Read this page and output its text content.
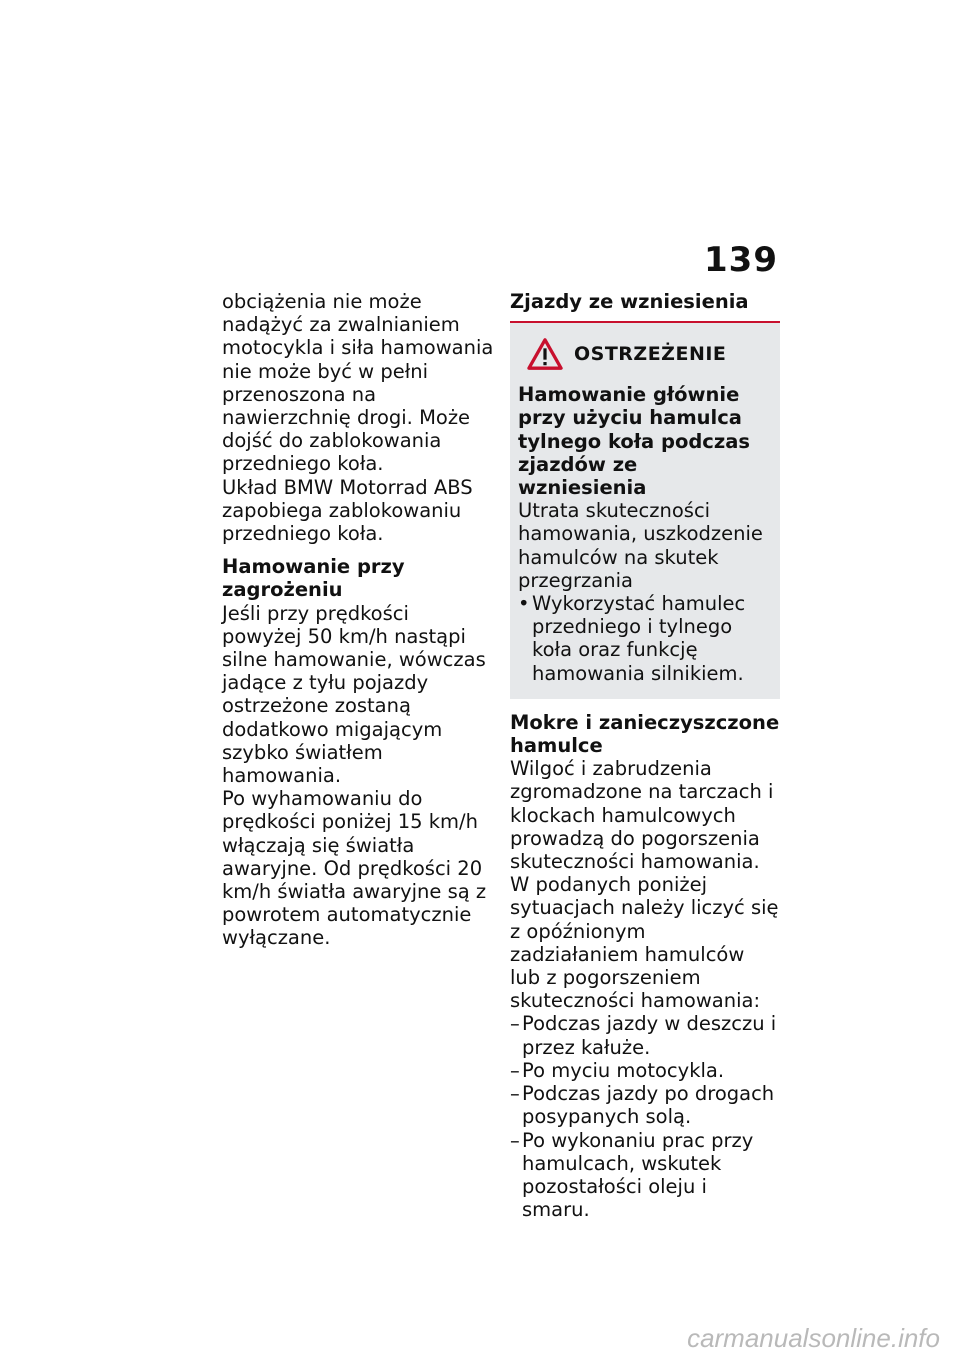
139

obciążenia nie może nadążyć za zwalnianiem motocykla i siła hamowania nie może być w pełni przenoszona na nawierzchnię drogi. Może dojść do zablokowania przedniego koła.

Układ BMW Motorrad ABS zapobiega zablokowaniu przedniego koła.

Hamowanie przy zagrożeniu

Jeśli przy prędkości powyżej 50 km/h nastąpi silne hamowanie, wówczas jadące z tyłu pojazdy ostrzeżone zostaną dodatkowo migającym szybko światłem hamowania.

Po wyhamowaniu do prędkości poniżej 15 km/h włączają się światła awaryjne. Od prędkości 20 km/h światła awaryjne są z powrotem automatycznie wyłączane.

Zjazdy ze wzniesienia

OSTRZEŻENIE

Hamowanie głównie przy użyciu hamulca tylnego koła podczas zjazdów ze wzniesienia

Utrata skuteczności hamowania, uszkodzenie hamulców na skutek przegrzania

• Wykorzystać hamulec przedniego i tylnego koła oraz funkcję hamowania silnikiem.

Mokre i zanieczyszczone hamulce

Wilgoć i zabrudzenia zgromadzone na tarczach i klockach hamulcowych prowadzą do pogorszenia skuteczności hamowania.

W podanych poniżej sytuacjach należy liczyć się z opóźnionym zadziałaniem hamulców lub z pogorszeniem skuteczności hamowania:

– Podczas jazdy w deszczu i przez kałuże.
– Po myciu motocykla.
– Podczas jazdy po drogach posypanych solą.
– Po wykonaniu prac przy hamulcach, wskutek pozostałości oleju i smaru.
carmanualsonline.info
